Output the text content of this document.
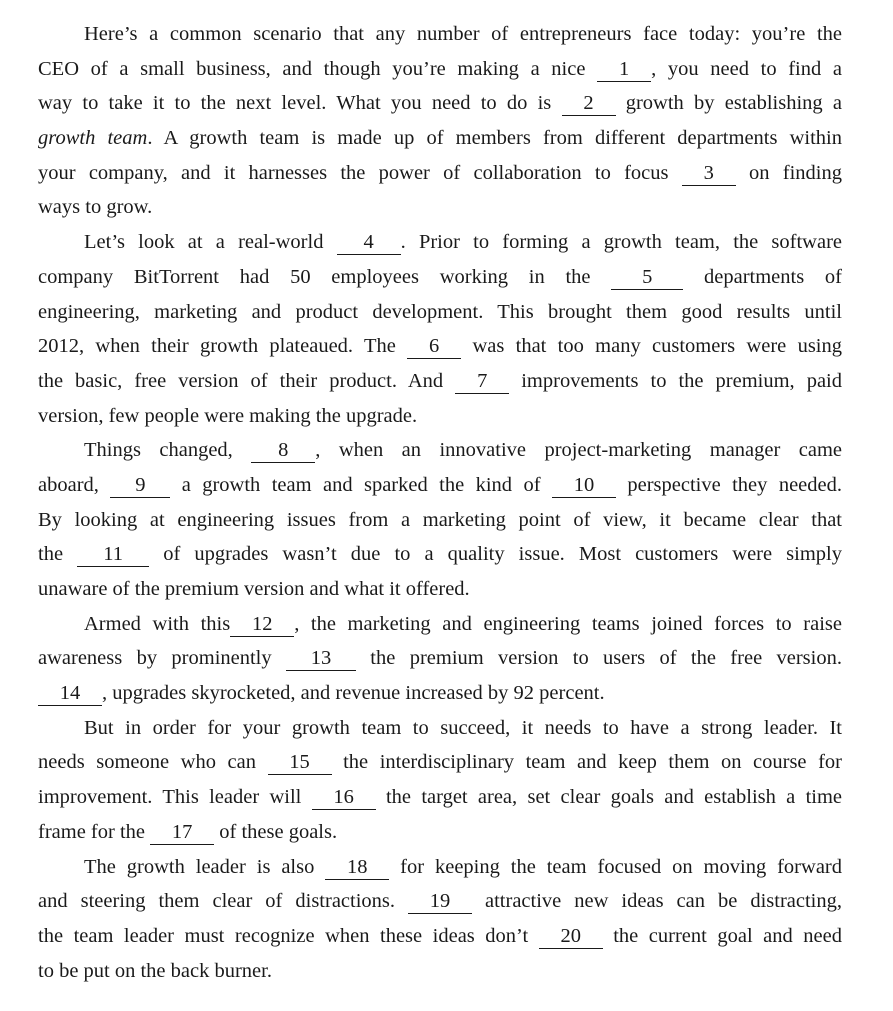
Here’s a common scenario that any number of entrepreneurs face today: you’re the
CEO of a small business, and though you’re making a nice 1 , you need to find a
way to take it to the next level. What you need to do is 2 growth by establishing a
growth team. A growth team is made up of members from different departments within
your company, and it harnesses the power of collaboration to focus 3 on finding
ways to grow.
Let’s look at a real-world 4 . Prior to forming a growth team, the software
company BitTorrent had 50 employees working in the 5 departments of
engineering, marketing and product development. This brought them good results until
2012, when their growth plateaued. The 6 was that too many customers were using
the basic, free version of their product. And 7 improvements to the premium, paid
version, few people were making the upgrade.
Things changed, 8 , when an innovative project-marketing manager came
aboard, 9 a growth team and sparked the kind of 10 perspective they needed.
By looking at engineering issues from a marketing point of view, it became clear that
the 11 of upgrades wasn’t due to a quality issue. Most customers were simply
unaware of the premium version and what it offered.
Armed with this 12 , the marketing and engineering teams joined forces to raise
awareness by prominently 13 the premium version to users of the free version.
14 , upgrades skyrocketed, and revenue increased by 92 percent.
But in order for your growth team to succeed, it needs to have a strong leader. It
needs someone who can 15 the interdisciplinary team and keep them on course for
improvement. This leader will 16 the target area, set clear goals and establish a time
frame for the 17 of these goals.
The growth leader is also 18 for keeping the team focused on moving forward
and steering them clear of distractions. 19 attractive new ideas can be distracting,
the team leader must recognize when these ideas don’t 20 the current goal and need
to be put on the back burner.
